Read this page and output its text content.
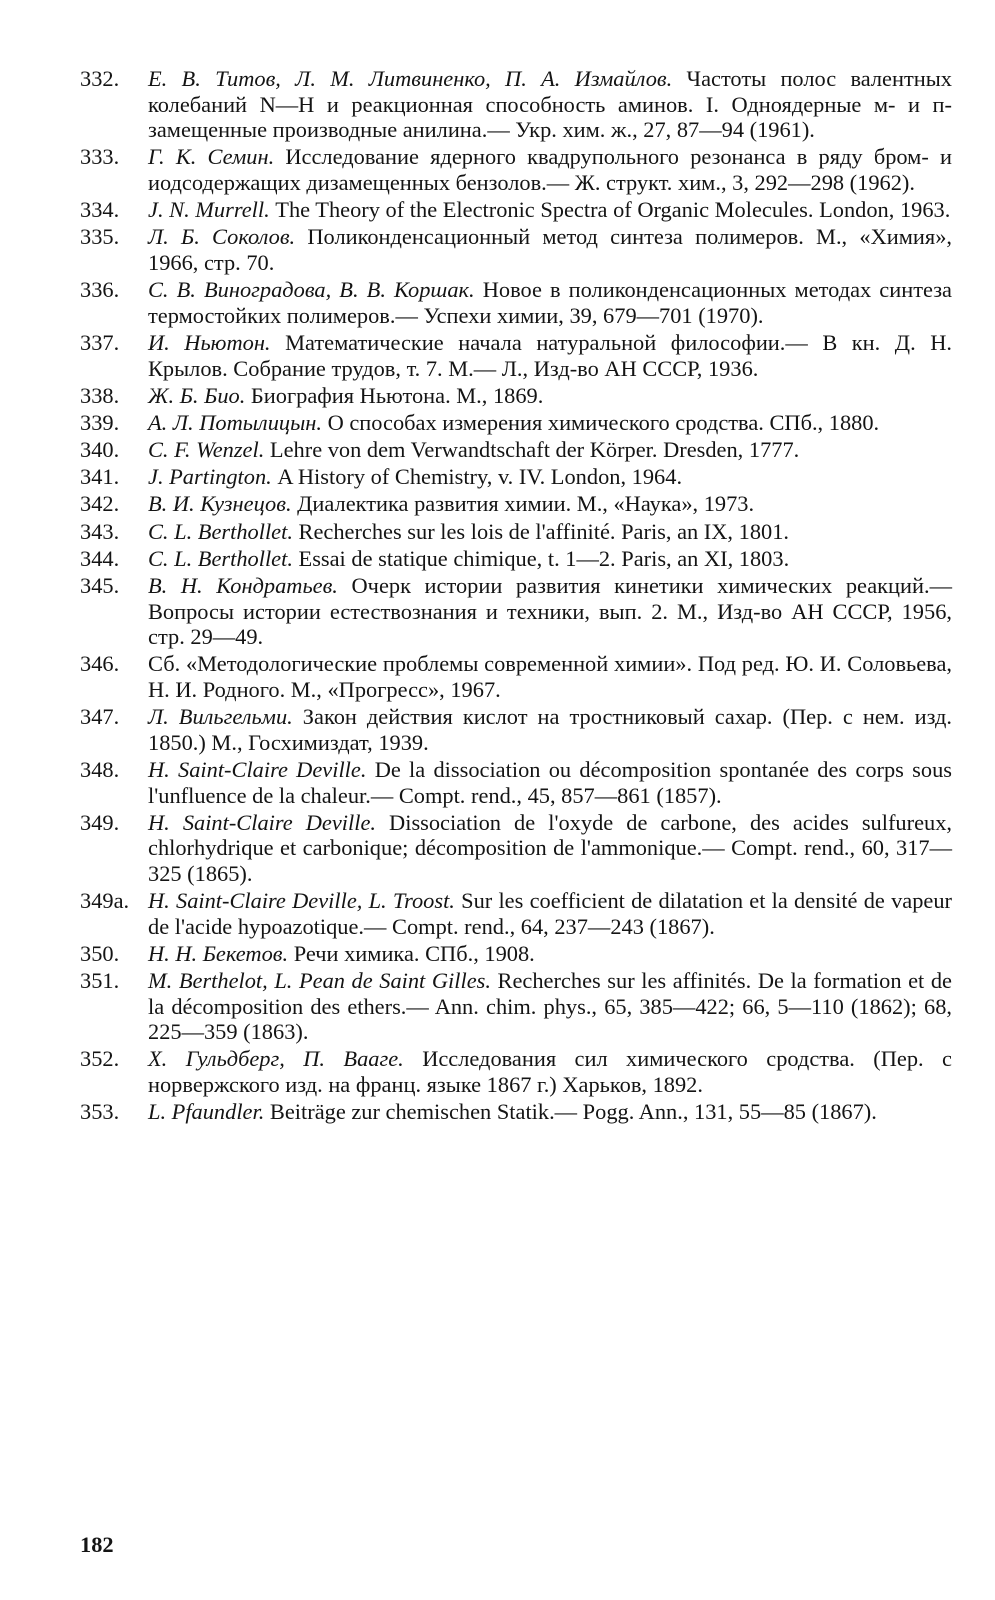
332.	Е. В. Титов, Л. М. Литвиненко, П. А. Измайлов. Частоты полос валентных колебаний N—H и реакционная способность аминов. I. Одноядерные м- и п-замещенные производные анилина.— Укр. хим. ж., 27, 87—94 (1961).
333.	Г. К. Семин. Исследование ядерного квадрупольного резонанса в ряду бром- и иодсодержащих дизамещенных бензолов.— Ж. структ. хим., 3, 292—298 (1962).
334.	J. N. Murrell. The Theory of the Electronic Spectra of Organic Molecules. London, 1963.
335.	Л. Б. Соколов. Поликонденсационный метод синтеза полимеров. М., «Химия», 1966, стр. 70.
336.	С. В. Виноградова, В. В. Коршак. Новое в поликонденсационных методах синтеза термостойких полимеров.— Успехи химии, 39, 679—701 (1970).
337.	И. Ньютон. Математические начала натуральной философии.— В кн. Д. Н. Крылов. Собрание трудов, т. 7. М.— Л., Изд-во АН СССР, 1936.
338.	Ж. Б. Био. Биография Ньютона. М., 1869.
339.	А. Л. Потылицын. О способах измерения химического сродства. СПб., 1880.
340.	C. F. Wenzel. Lehre von dem Verwandtschaft der Körper. Dresden, 1777.
341.	J. Partington. A History of Chemistry, v. IV. London, 1964.
342.	В. И. Кузнецов. Диалектика развития химии. М., «Наука», 1973.
343.	C. L. Berthollet. Recherches sur les lois de l'affinité. Paris, an IX, 1801.
344.	C. L. Berthollet. Essai de statique chimique, t. 1—2. Paris, an XI, 1803.
345.	В. Н. Кондратьев. Очерк истории развития кинетики химических реакций.— Вопросы истории естествознания и техники, вып. 2. М., Изд-во АН СССР, 1956, стр. 29—49.
346.	Сб. «Методологические проблемы современной химии». Под ред. Ю. И. Соловьева, Н. И. Родного. М., «Прогресс», 1967.
347.	Л. Вильгельми. Закон действия кислот на тростниковый сахар. (Пер. с нем. изд. 1850.) М., Госхимиздат, 1939.
348.	H. Saint-Claire Deville. De la dissociation ou décomposition spontanée des corps sous l'unfluence de la chaleur.— Compt. rend., 45, 857—861 (1857).
349.	H. Saint-Claire Deville. Dissociation de l'oxyde de carbone, des acides sulfureux, chlorhydrique et carbonique; décomposition de l'ammonique.— Compt. rend., 60, 317—325 (1865).
349a. H. Saint-Claire Deville, L. Troost. Sur les coefficient de dilatation et la densité de vapeur de l'acide hypoazotique.— Compt. rend., 64, 237—243 (1867).
350.	Н. Н. Бекетов. Речи химика. СПб., 1908.
351.	M. Berthelot, L. Pean de Saint Gilles. Recherches sur les affinités. De la formation et de la décomposition des ethers.— Ann. chim. phys., 65, 385—422; 66, 5—110 (1862); 68, 225—359 (1863).
352.	Х. Гульдберг, П. Вааге. Исследования сил химического сродства. (Пер. с норвержского изд. на франц. языке 1867 г.) Харьков, 1892.
353.	L. Pfaundler. Beiträge zur chemischen Statik.— Pogg. Ann., 131, 55—85 (1867).
182
